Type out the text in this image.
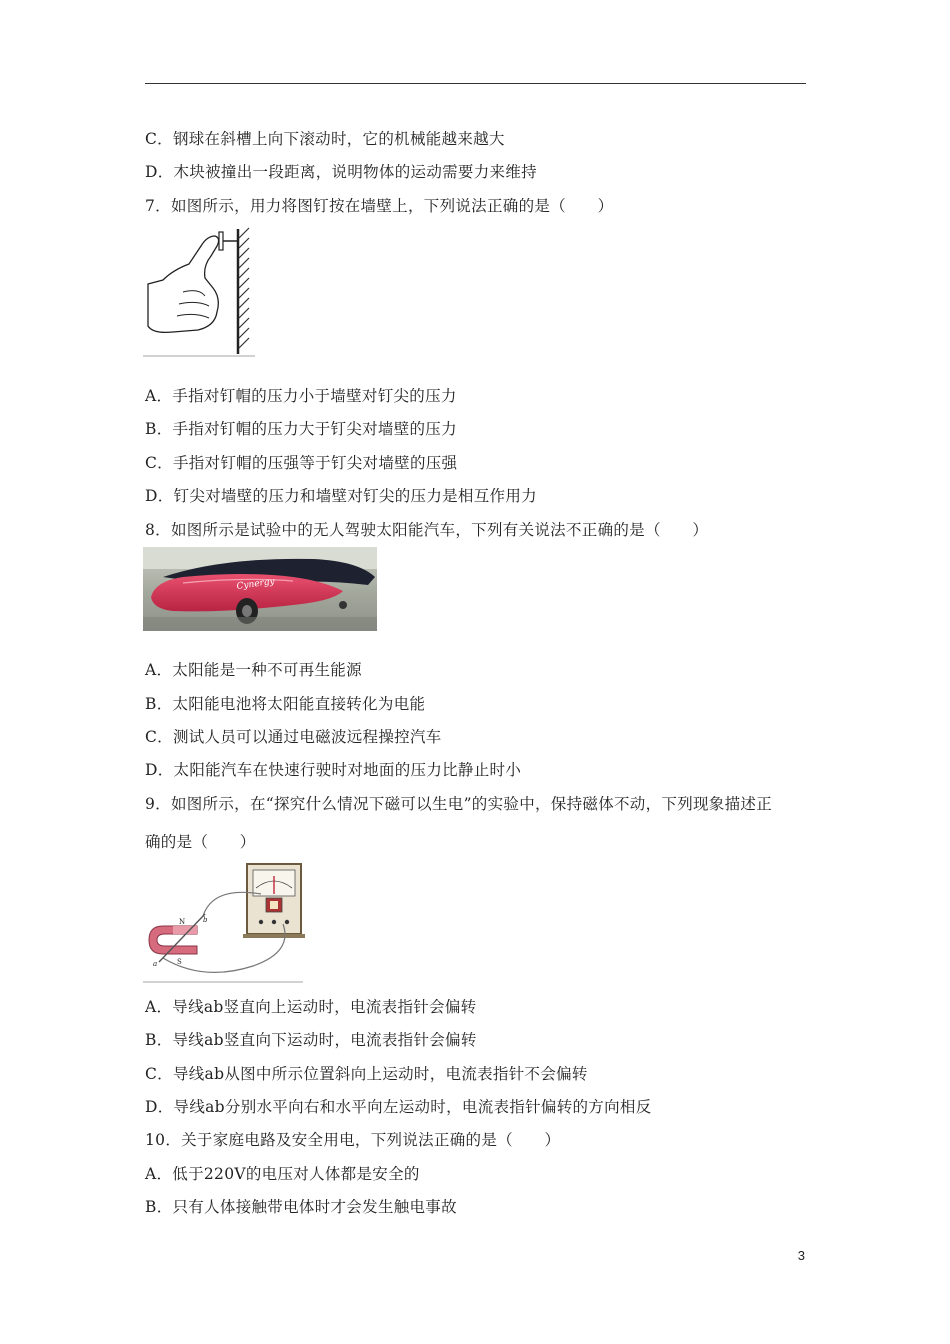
C．钢球在斜槽上向下滚动时，它的机械能越来越大
D．木块被撞出一段距离，说明物体的运动需要力来维持
7．如图所示，用力将图钉按在墙壁上，下列说法正确的是（　　）
A．手指对钉帽的压力小于墙壁对钉尖的压力
B．手指对钉帽的压力大于钉尖对墙壁的压力
C．手指对钉帽的压强等于钉尖对墙壁的压强
D．钉尖对墙壁的压力和墙壁对钉尖的压力是相互作用力
8．如图所示是试验中的无人驾驶太阳能汽车，下列有关说法不正确的是（　　）
Cynergy
A．太阳能是一种不可再生能源
B．太阳能电池将太阳能直接转化为电能
C．测试人员可以通过电磁波远程操控汽车
D．太阳能汽车在快速行驶时对地面的压力比静止时小
9．如图所示，在“探究什么情况下磁可以生电”的实验中，保持磁体不动，下列现象描述正
确的是（　　）
N
S
a
b
A．导线ab竖直向上运动时，电流表指针会偏转
B．导线ab竖直向下运动时，电流表指针会偏转
C．导线ab从图中所示位置斜向上运动时，电流表指针不会偏转
D．导线ab分别水平向右和水平向左运动时，电流表指针偏转的方向相反
10．关于家庭电路及安全用电，下列说法正确的是（　　）
A．低于220V的电压对人体都是安全的
B．只有人体接触带电体时才会发生触电事故
3
